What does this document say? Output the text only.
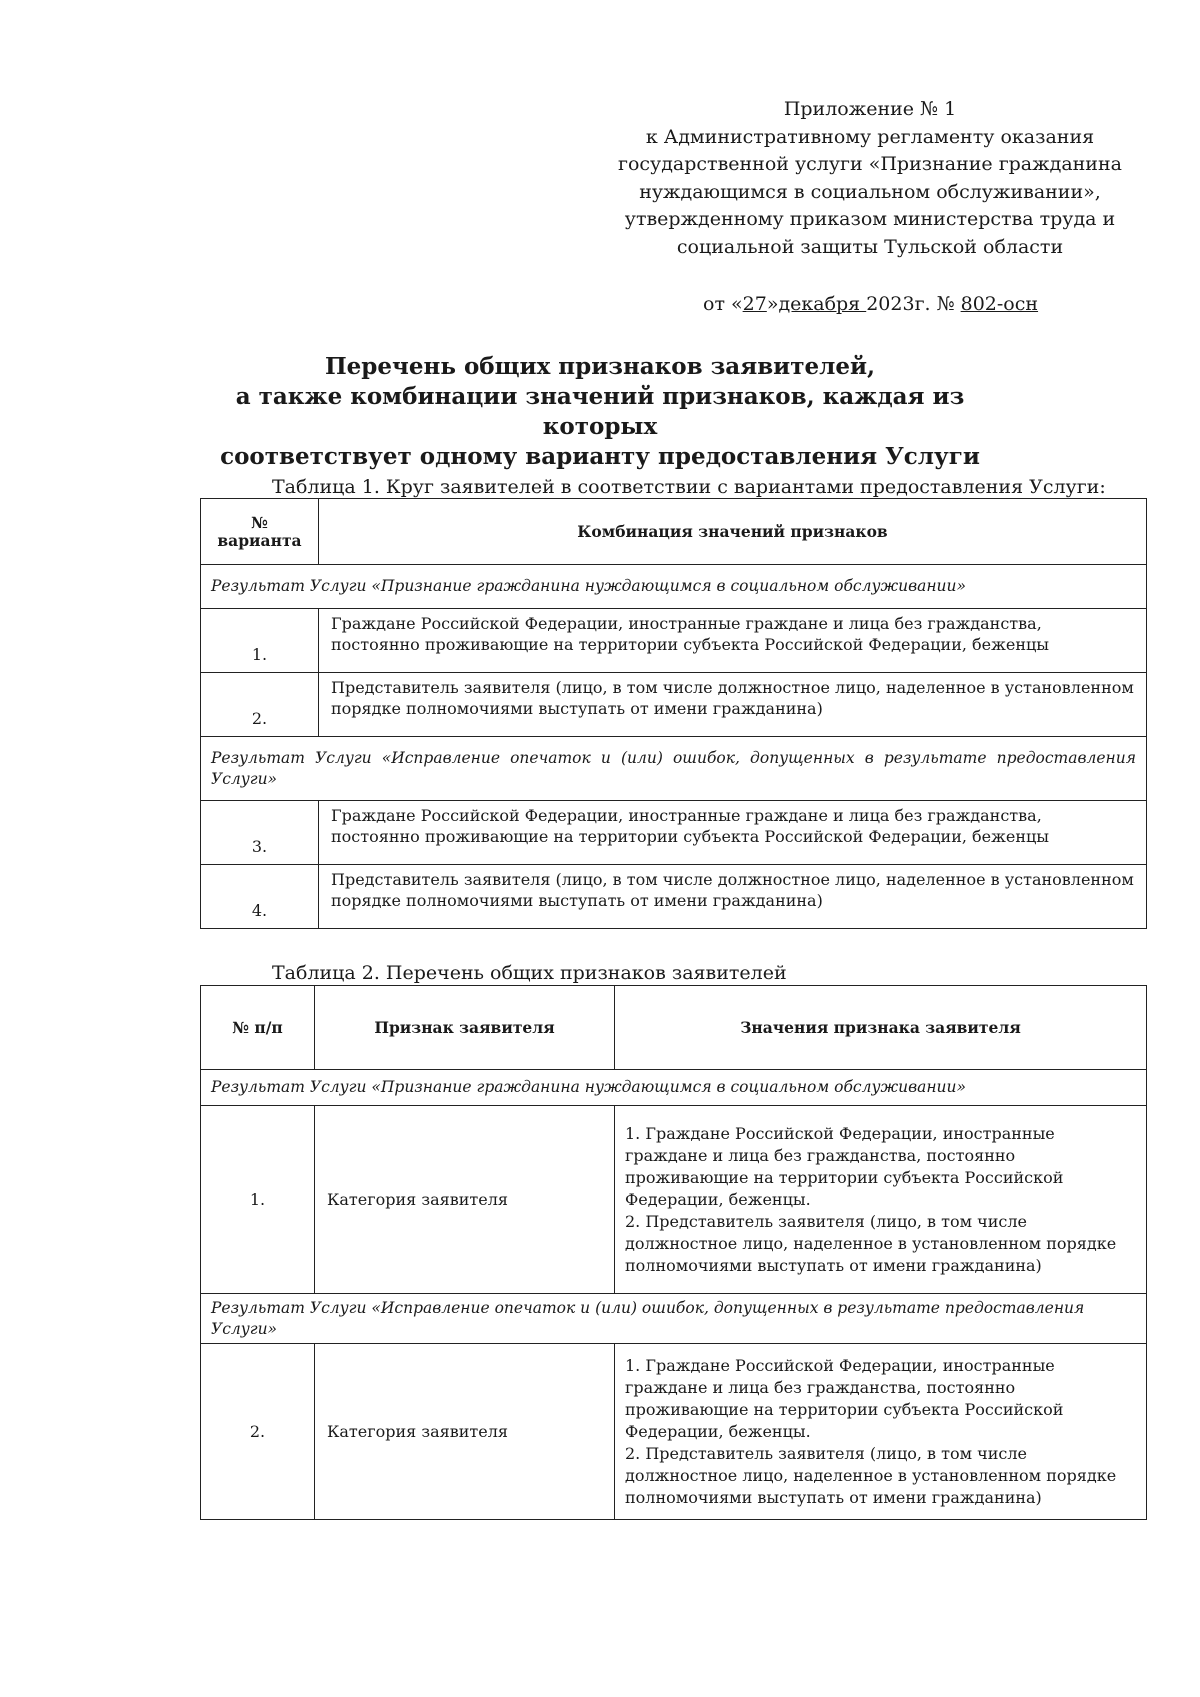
Приложение № 1

к Административному регламенту оказания

государственной услуги «Признание гражданина

нуждающимся в социальном обслуживании»,

утвержденному приказом министерства труда и

социальной защиты Тульской области

от «27»декабря 2023г. № 802-осн

Перечень общих признаков заявителей,

а также комбинации значений признаков, каждая из которых

соответствует одному варианту предоставления Услуги

Таблица 1. Круг заявителей в соответствии с вариантами предоставления Услуги:
№ варианта	Комбинация значений признаков
Результат Услуги «Признание гражданина нуждающимся в социальном обслуживании»	
1.	Граждане Российской Федерации, иностранные граждане и лица без гражданства, постоянно проживающие на территории субъекта Российской Федерации, беженцы
2.	Представитель заявителя (лицо, в том числе должностное лицо, наделенное в установленном порядке полномочиями выступать от имени гражданина)
Результат Услуги «Исправление опечаток и (или) ошибок, допущенных в результате предоставления Услуги»	
3.	Граждане Российской Федерации, иностранные граждане и лица без гражданства, постоянно проживающие на территории субъекта Российской Федерации, беженцы
4.	Представитель заявителя (лицо, в том числе должностное лицо, наделенное в установленном порядке полномочиями выступать от имени гражданина)
Таблица 2. Перечень общих признаков заявителей
№ п/п	Признак заявителя	Значения признака заявителя
Результат Услуги «Признание гражданина нуждающимся в социальном обслуживании»		
1.	Категория заявителя	1. Граждане Российской Федерации, иностранные граждане и лица без гражданства, постоянно проживающие на территории субъекта Российской Федерации, беженцы.
2. Представитель заявителя (лицо, в том числе должностное лицо, наделенное в установленном порядке полномочиями выступать от имени гражданина)

Результат Услуги «Исправление опечаток и (или) ошибок, допущенных в результате предоставления Услуги»		
2.	Категория заявителя	1. Граждане Российской Федерации, иностранные граждане и лица без гражданства, постоянно проживающие на территории субъекта Российской Федерации, беженцы.
2. Представитель заявителя (лицо, в том числе должностное лицо, наделенное в установленном порядке полномочиями выступать от имени гражданина)
